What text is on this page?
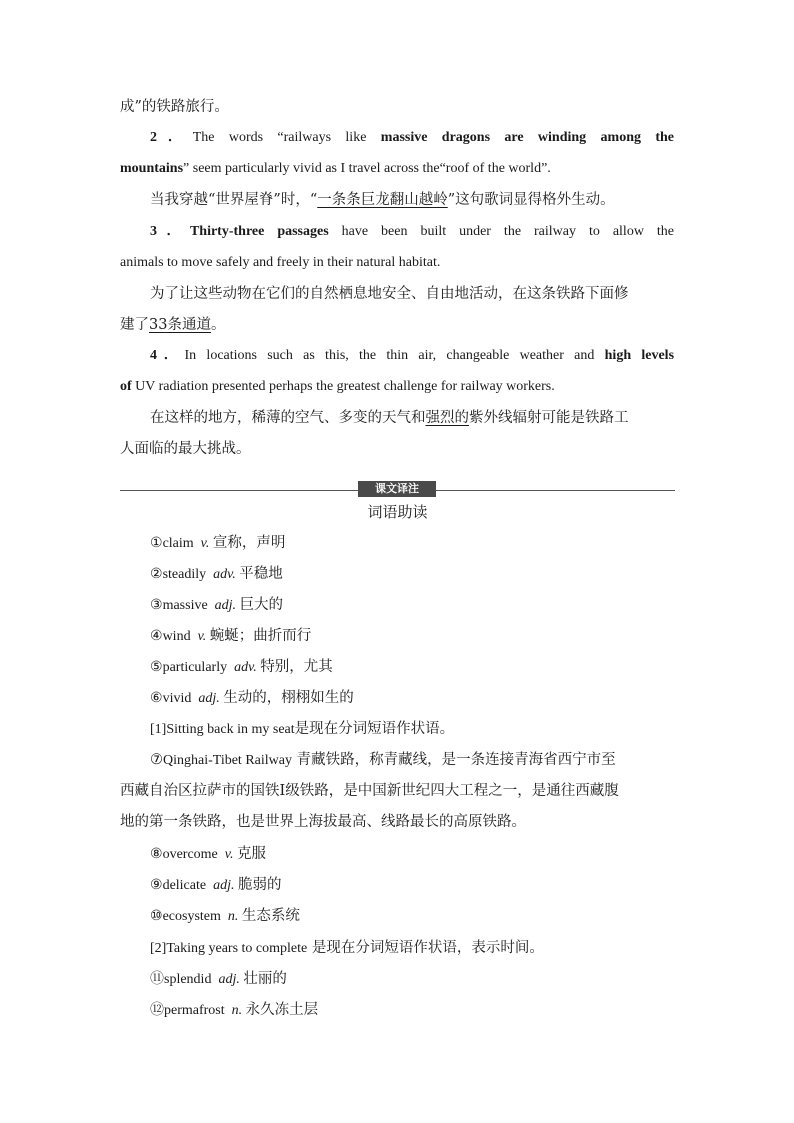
成”的铁路旅行。
2．The words “railways like massive dragons are winding among the
mountains” seem particularly vivid as I travel across the“roof of the world”.
当我穿越“世界屋脊”时，“一条条巨龙翻山越岭”这句歌词显得格外生动。
3．Thirty-three passages have been built under the railway to allow the
animals to move safely and freely in their natural habitat.
为了让这些动物在它们的自然栖息地安全、自由地活动，在这条铁路下面修
建了33条通道。
4．In locations such as this, the thin air, changeable weather and high levels
of UV radiation presented perhaps the greatest challenge for railway workers.
在这样的地方，稀薄的空气、多变的天气和强烈的紫外线辐射可能是铁路工
人面临的最大挑战。
课文译注
词语助读
①claim v. 宣称，声明
②steadily adv. 平稳地
③massive adj. 巨大的
④wind v. 蜿蜒；曲折而行
⑤particularly adv. 特别，尤其
⑥vivid adj. 生动的，栩栩如生的
[1]Sitting back in my seat是现在分词短语作状语。
⑦Qinghai-Tibet Railway 青藏铁路，称青藏线，是一条连接青海省西宁市至
西藏自治区拉萨市的国铁Ⅰ级铁路，是中国新世纪四大工程之一，是通往西藏腹
地的第一条铁路，也是世界上海拔最高、线路最长的高原铁路。
⑧overcome v. 克服
⑨delicate adj. 脆弱的
⑩ecosystem n. 生态系统
[2]Taking years to complete 是现在分词短语作状语，表示时间。
⑪splendid adj. 壮丽的
⑫permafrost n. 永久冻土层
